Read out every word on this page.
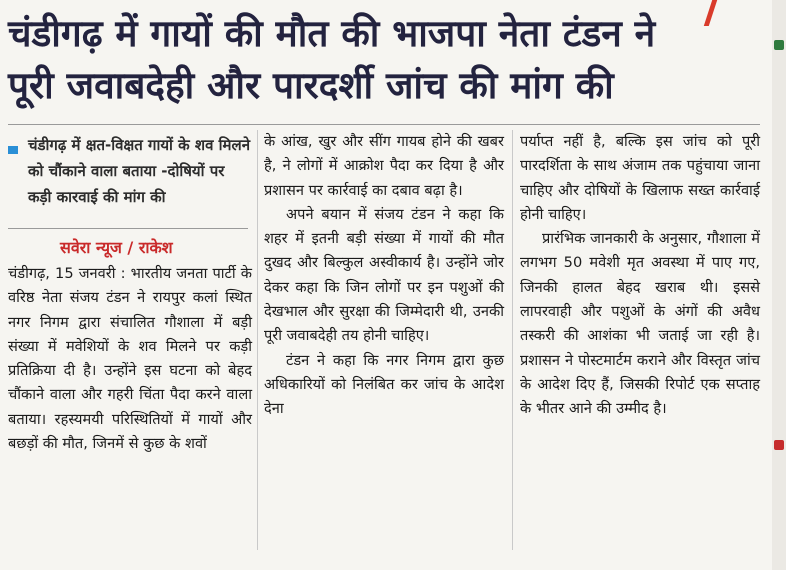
चंडीगढ़ में गायों की मौत की भाजपा नेता टंडन ने
पूरी जवाबदेही और पारदर्शी जांच की मांग की
चंडीगढ़ में क्षत-विक्षत गायों के शव मिलने को चौंकाने वाला बताया -दोषियों पर कड़ी कारवाई की मांग की
सवेरा न्यूज / राकेश

चंडीगढ़, 15 जनवरी : भारतीय जनता पार्टी के वरिष्ठ नेता संजय टंडन ने रायपुर कलां स्थित नगर निगम द्वारा संचालित गौशाला में बड़ी संख्या में मवेशियों के शव मिलने पर कड़ी प्रतिक्रिया दी है। उन्होंने इस घटना को बेहद चौंकाने वाला और गहरी चिंता पैदा करने वाला बताया। रहस्यमयी परिस्थितियों में गायों और बछड़ों की मौत, जिनमें से कुछ के शवों

के आंख, खुर और सींग गायब होने की खबर है, ने लोगों में आक्रोश पैदा कर दिया है और प्रशासन पर कार्रवाई का दबाव बढ़ा है।

अपने बयान में संजय टंडन ने कहा कि शहर में इतनी बड़ी संख्या में गायों की मौत दुखद और बिल्कुल अस्वीकार्य है। उन्होंने जोर देकर कहा कि जिन लोगों पर इन पशुओं की देखभाल और सुरक्षा की जिम्मेदारी थी, उनकी पूरी जवाबदेही तय होनी चाहिए।

टंडन ने कहा कि नगर निगम द्वारा कुछ अधिकारियों को निलंबित कर जांच के आदेश देना

पर्याप्त नहीं है, बल्कि इस जांच को पूरी पारदर्शिता के साथ अंजाम तक पहुंचाया जाना चाहिए और दोषियों के खिलाफ सख्त कार्रवाई होनी चाहिए।

प्रारंभिक जानकारी के अनुसार, गौशाला में लगभग 50 मवेशी मृत अवस्था में पाए गए, जिनकी हालत बेहद खराब थी। इससे लापरवाही और पशुओं के अंगों की अवैध तस्करी की आशंका भी जताई जा रही है। प्रशासन ने पोस्टमार्टम कराने और विस्तृत जांच के आदेश दिए हैं, जिसकी रिपोर्ट एक सप्ताह के भीतर आने की उम्मीद है।
